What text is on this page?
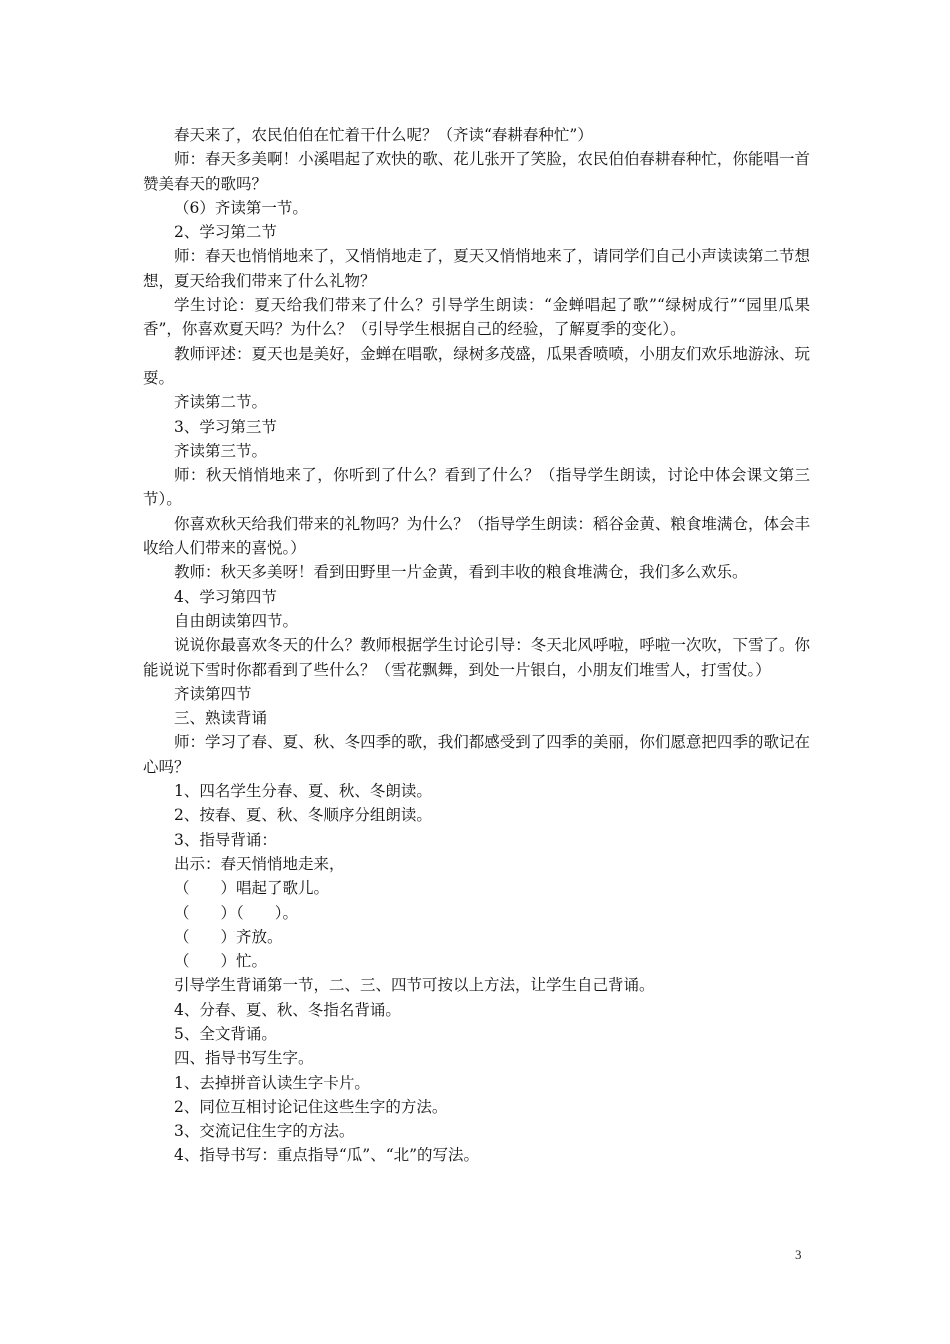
春天来了，农民伯伯在忙着干什么呢？（齐读“春耕春种忙”）

师：春天多美啊！小溪唱起了欢快的歌、花儿张开了笑脸，农民伯伯春耕春种忙，你能唱一首赞美春天的歌吗？

（6）齐读第一节。

2、学习第二节

师：春天也悄悄地来了，又悄悄地走了，夏天又悄悄地来了，请同学们自己小声读读第二节想想，夏天给我们带来了什么礼物？

学生讨论：夏天给我们带来了什么？引导学生朗读：“金蝉唱起了歌”“绿树成行”“园里瓜果香”，你喜欢夏天吗？为什么？（引导学生根据自己的经验，了解夏季的变化）。

教师评述：夏天也是美好，金蝉在唱歌，绿树多茂盛，瓜果香喷喷，小朋友们欢乐地游泳、玩耍。

齐读第二节。

3、学习第三节

齐读第三节。

师：秋天悄悄地来了，你听到了什么？看到了什么？（指导学生朗读，讨论中体会课文第三节）。

你喜欢秋天给我们带来的礼物吗？为什么？（指导学生朗读：稻谷金黄、粮食堆满仓，体会丰收给人们带来的喜悦。）

教师：秋天多美呀！看到田野里一片金黄，看到丰收的粮食堆满仓，我们多么欢乐。

4、学习第四节

自由朗读第四节。

说说你最喜欢冬天的什么？教师根据学生讨论引导：冬天北风呼啦，呼啦一次吹，下雪了。你能说说下雪时你都看到了些什么？（雪花飘舞，到处一片银白，小朋友们堆雪人，打雪仗。）

齐读第四节

三、熟读背诵

师：学习了春、夏、秋、冬四季的歌，我们都感受到了四季的美丽，你们愿意把四季的歌记在心吗？

1、四名学生分春、夏、秋、冬朗读。

2、按春、夏、秋、冬顺序分组朗读。

3、指导背诵：

出示：春天悄悄地走来，

（　　）唱起了歌儿。

（　　）（　　）。

（　　）齐放。

（　　）忙。

引导学生背诵第一节，二、三、四节可按以上方法，让学生自己背诵。

4、分春、夏、秋、冬指名背诵。

5、全文背诵。

四、指导书写生字。

1、去掉拼音认读生字卡片。

2、同位互相讨论记住这些生字的方法。

3、交流记住生字的方法。

4、指导书写：重点指导“瓜”、“北”的写法。

3
